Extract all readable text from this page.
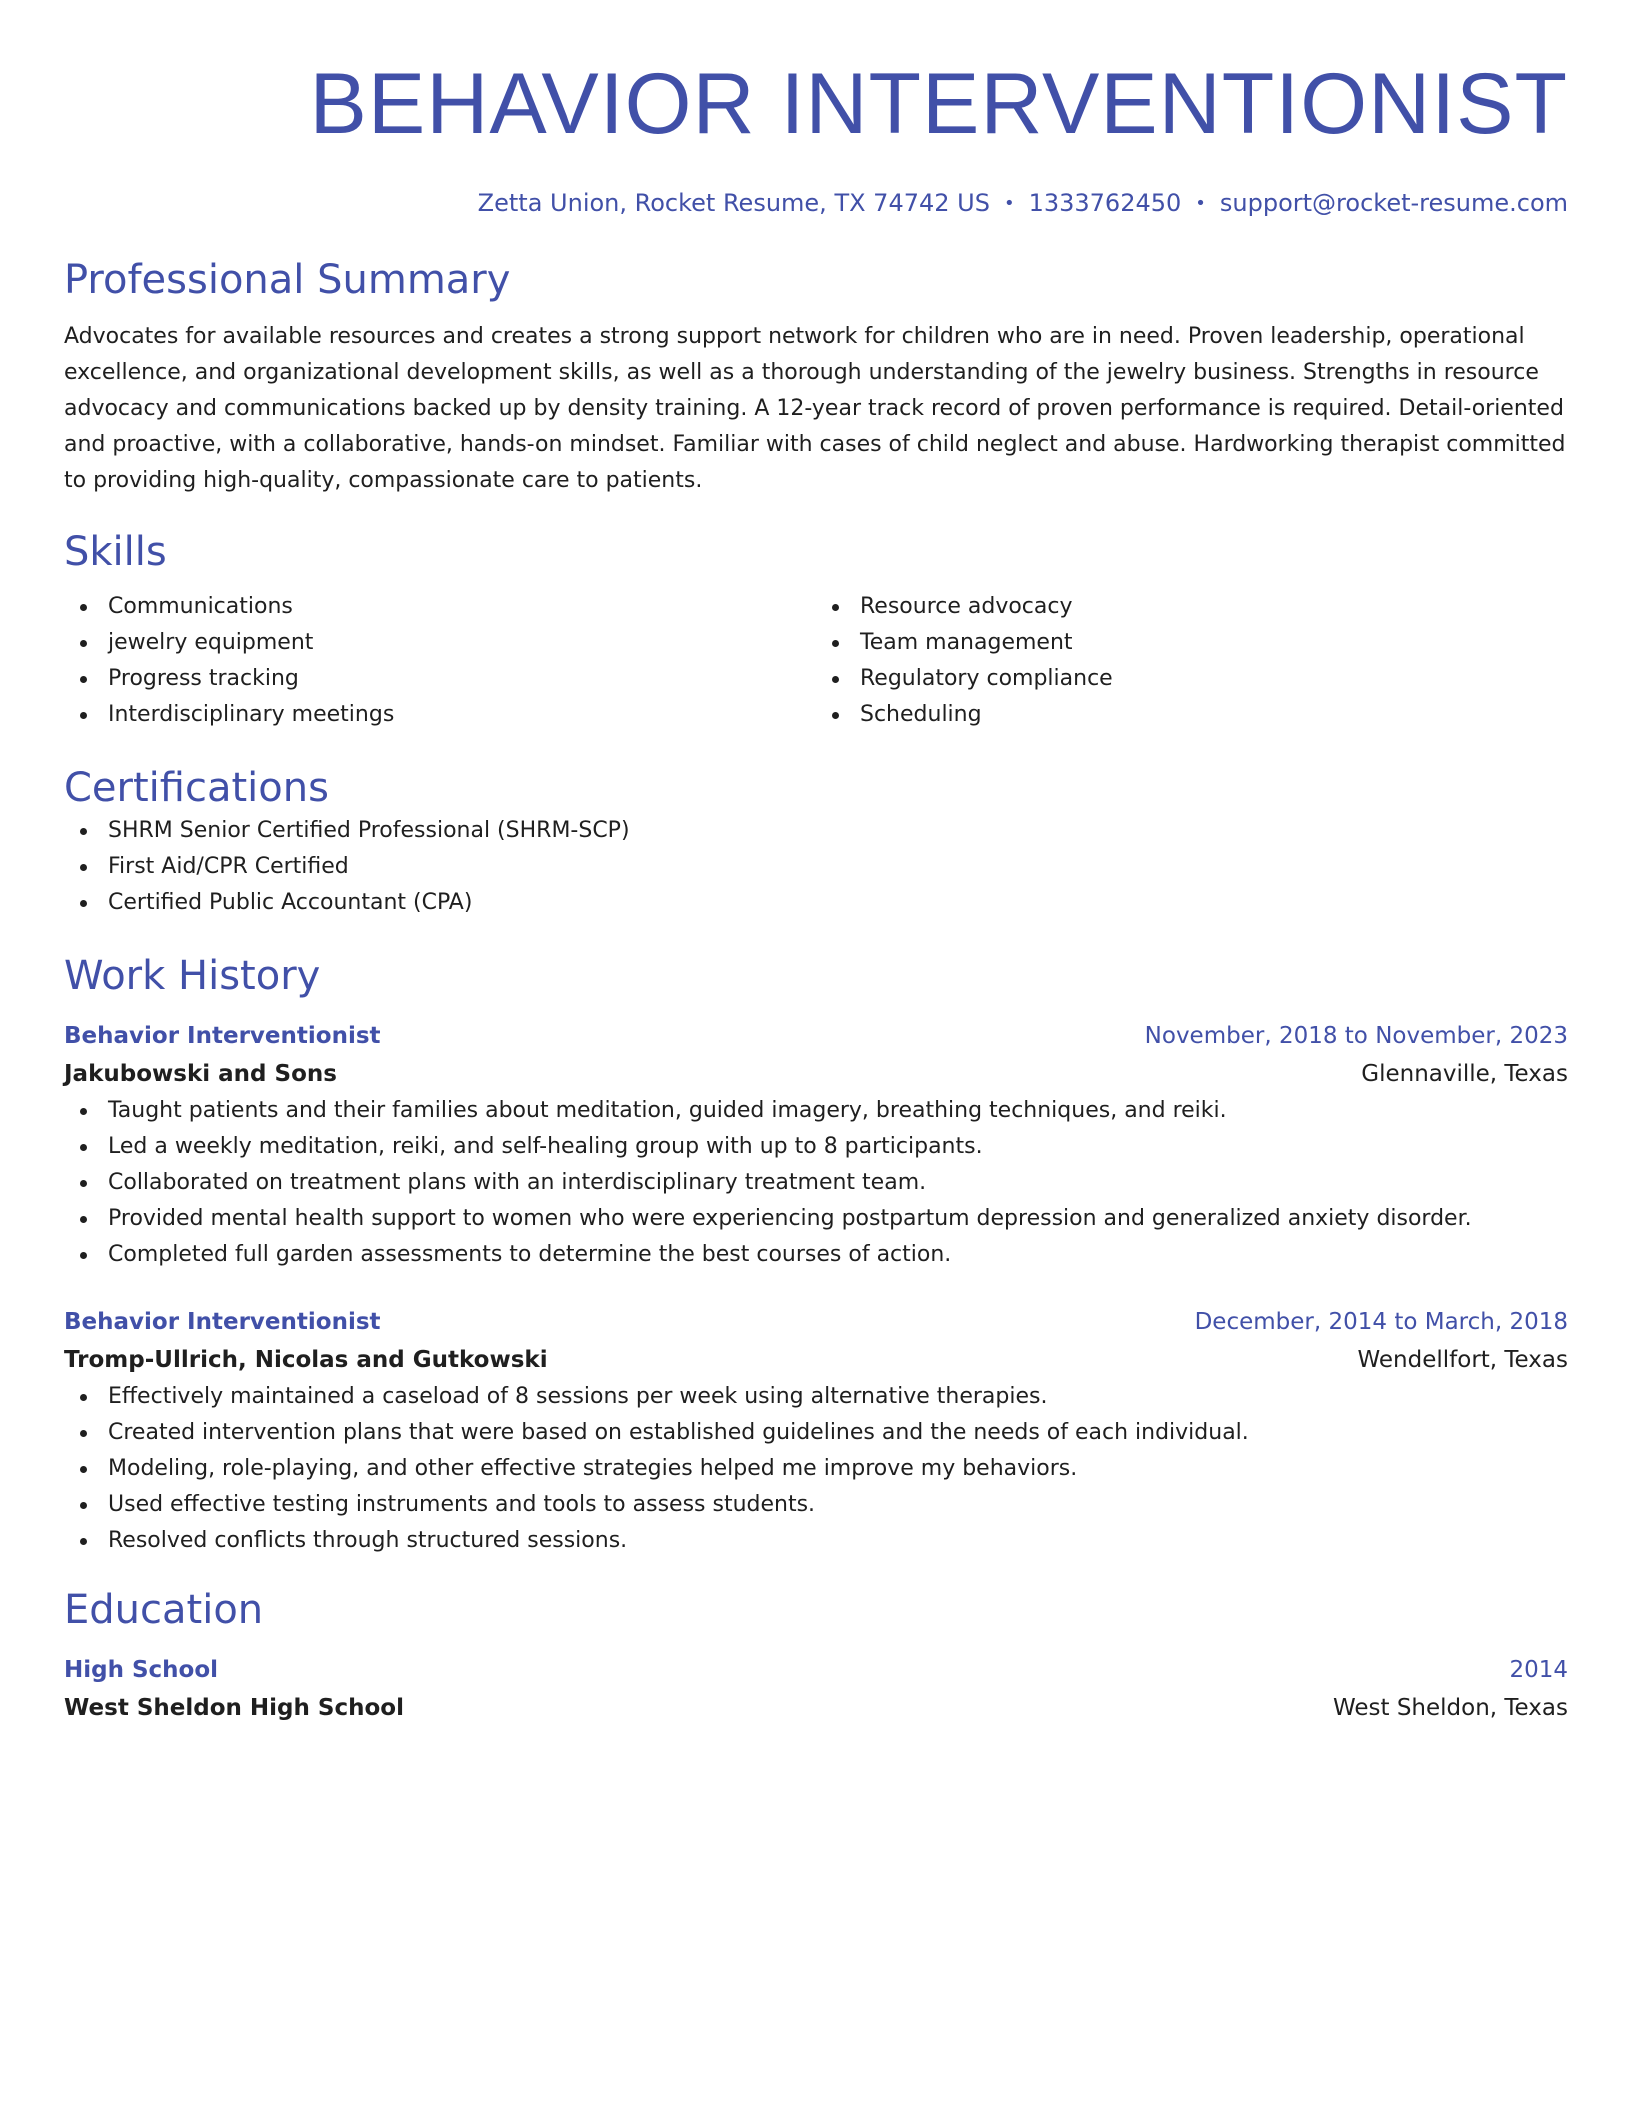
BEHAVIOR INTERVENTIONIST
Zetta Union, Rocket Resume, TX 74742 US • 1333762450 • support@rocket-resume.com
Professional Summary
Advocates for available resources and creates a strong support network for children who are in need. Proven leadership, operational excellence, and organizational development skills, as well as a thorough understanding of the jewelry business. Strengths in resource advocacy and communications backed up by density training. A 12-year track record of proven performance is required. Detail-oriented and proactive, with a collaborative, hands-on mindset. Familiar with cases of child neglect and abuse. Hardworking therapist committed to providing high-quality, compassionate care to patients.
Skills
Communications
jewelry equipment
Progress tracking
Interdisciplinary meetings
Resource advocacy
Team management
Regulatory compliance
Scheduling
Certifications
SHRM Senior Certified Professional (SHRM-SCP)
First Aid/CPR Certified
Certified Public Accountant (CPA)
Work History
Behavior Interventionist	November, 2018 to November, 2023
Jakubowski and Sons	Glennaville, Texas
Taught patients and their families about meditation, guided imagery, breathing techniques, and reiki.
Led a weekly meditation, reiki, and self-healing group with up to 8 participants.
Collaborated on treatment plans with an interdisciplinary treatment team.
Provided mental health support to women who were experiencing postpartum depression and generalized anxiety disorder.
Completed full garden assessments to determine the best courses of action.
Behavior Interventionist	December, 2014 to March, 2018
Tromp-Ullrich, Nicolas and Gutkowski	Wendellfort, Texas
Effectively maintained a caseload of 8 sessions per week using alternative therapies.
Created intervention plans that were based on established guidelines and the needs of each individual.
Modeling, role-playing, and other effective strategies helped me improve my behaviors.
Used effective testing instruments and tools to assess students.
Resolved conflicts through structured sessions.
Education
High School	2014
West Sheldon High School	West Sheldon, Texas
